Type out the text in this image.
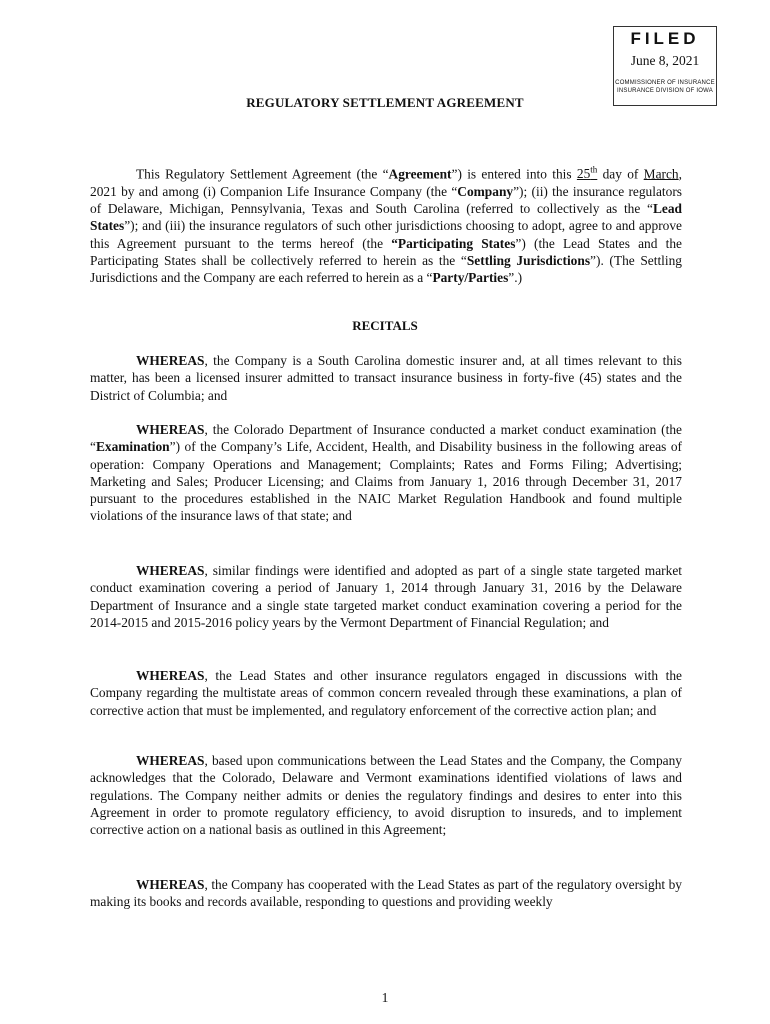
FILED
June 8, 2021
COMMISSIONER OF INSURANCE
INSURANCE DIVISION OF IOWA
REGULATORY SETTLEMENT AGREEMENT

This Regulatory Settlement Agreement (the “Agreement”) is entered into this 25th day of March, 2021 by and among (i) Companion Life Insurance Company (the “Company”); (ii) the insurance regulators of Delaware, Michigan, Pennsylvania, Texas and South Carolina (referred to collectively as the “Lead States”); and (iii) the insurance regulators of such other jurisdictions choosing to adopt, agree to and approve this Agreement pursuant to the terms hereof (the “Participating States”) (the Lead States and the Participating States shall be collectively referred to herein as the “Settling Jurisdictions”). (The Settling Jurisdictions and the Company are each referred to herein as a “Party/Parties”.)

RECITALS

WHEREAS, the Company is a South Carolina domestic insurer and, at all times relevant to this matter, has been a licensed insurer admitted to transact insurance business in forty-five (45) states and the District of Columbia; and

WHEREAS, the Colorado Department of Insurance conducted a market conduct examination (the “Examination”) of the Company’s Life, Accident, Health, and Disability business in the following areas of operation: Company Operations and Management; Complaints; Rates and Forms Filing; Advertising; Marketing and Sales; Producer Licensing; and Claims from January 1, 2016 through December 31, 2017 pursuant to the procedures established in the NAIC Market Regulation Handbook and found multiple violations of the insurance laws of that state; and

WHEREAS, similar findings were identified and adopted as part of a single state targeted market conduct examination covering a period of January 1, 2014 through January 31, 2016 by the Delaware Department of Insurance and a single state targeted market conduct examination covering a period for the 2014-2015 and 2015-2016 policy years by the Vermont Department of Financial Regulation; and

WHEREAS, the Lead States and other insurance regulators engaged in discussions with the Company regarding the multistate areas of common concern revealed through these examinations, a plan of corrective action that must be implemented, and regulatory enforcement of the corrective action plan; and

WHEREAS, based upon communications between the Lead States and the Company, the Company acknowledges that the Colorado, Delaware and Vermont examinations identified violations of laws and regulations. The Company neither admits or denies the regulatory findings and desires to enter into this Agreement in order to promote regulatory efficiency, to avoid disruption to insureds, and to implement corrective action on a national basis as outlined in this Agreement;

WHEREAS, the Company has cooperated with the Lead States as part of the regulatory oversight by making its books and records available, responding to questions and providing weekly

1
